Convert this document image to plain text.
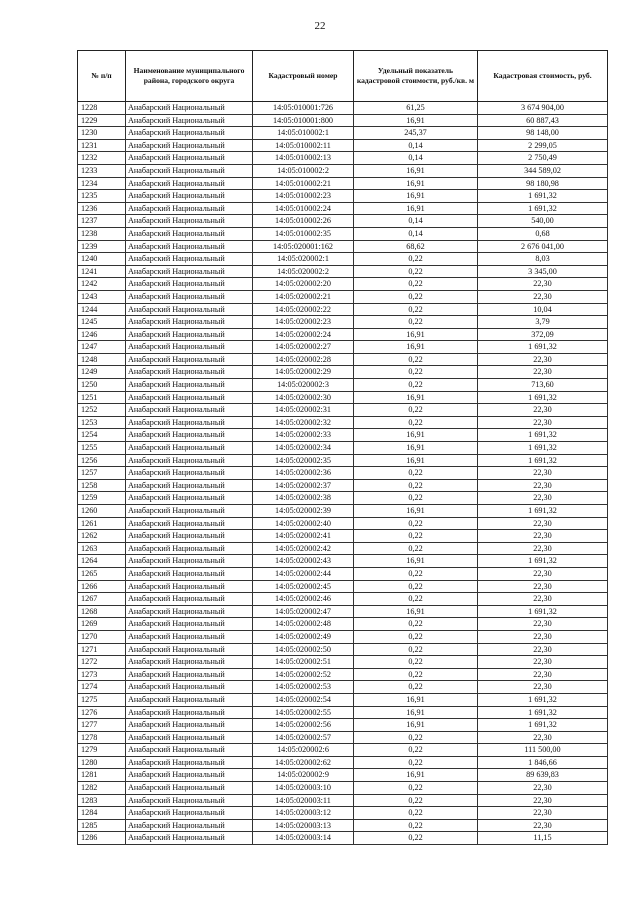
22
№ п/п	Наименование муниципального района, городского округа	Кадастровый номер	Удельный показатель кадастровой стоимости, руб./кв. м	Кадастровая стоимость, руб.
1228	Анабарский Национальный	14:05:010001:726	61,25	3 674 904,00
1229	Анабарский Национальный	14:05:010001:800	16,91	60 887,43
1230	Анабарский Национальный	14:05:010002:1	245,37	98 148,00
1231	Анабарский Национальный	14:05:010002:11	0,14	2 299,05
1232	Анабарский Национальный	14:05:010002:13	0,14	2 750,49
1233	Анабарский Национальный	14:05:010002:2	16,91	344 589,02
1234	Анабарский Национальный	14:05:010002:21	16,91	98 180,98
1235	Анабарский Национальный	14:05:010002:23	16,91	1 691,32
1236	Анабарский Национальный	14:05:010002:24	16,91	1 691,32
1237	Анабарский Национальный	14:05:010002:26	0,14	540,00
1238	Анабарский Национальный	14:05:010002:35	0,14	0,68
1239	Анабарский Национальный	14:05:020001:162	68,62	2 676 041,00
1240	Анабарский Национальный	14:05:020002:1	0,22	8,03
1241	Анабарский Национальный	14:05:020002:2	0,22	3 345,00
1242	Анабарский Национальный	14:05:020002:20	0,22	22,30
1243	Анабарский Национальный	14:05:020002:21	0,22	22,30
1244	Анабарский Национальный	14:05:020002:22	0,22	10,04
1245	Анабарский Национальный	14:05:020002:23	0,22	3,79
1246	Анабарский Национальный	14:05:020002:24	16,91	372,09
1247	Анабарский Национальный	14:05:020002:27	16,91	1 691,32
1248	Анабарский Национальный	14:05:020002:28	0,22	22,30
1249	Анабарский Национальный	14:05:020002:29	0,22	22,30
1250	Анабарский Национальный	14:05:020002:3	0,22	713,60
1251	Анабарский Национальный	14:05:020002:30	16,91	1 691,32
1252	Анабарский Национальный	14:05:020002:31	0,22	22,30
1253	Анабарский Национальный	14:05:020002:32	0,22	22,30
1254	Анабарский Национальный	14:05:020002:33	16,91	1 691,32
1255	Анабарский Национальный	14:05:020002:34	16,91	1 691,32
1256	Анабарский Национальный	14:05:020002:35	16,91	1 691,32
1257	Анабарский Национальный	14:05:020002:36	0,22	22,30
1258	Анабарский Национальный	14:05:020002:37	0,22	22,30
1259	Анабарский Национальный	14:05:020002:38	0,22	22,30
1260	Анабарский Национальный	14:05:020002:39	16,91	1 691,32
1261	Анабарский Национальный	14:05:020002:40	0,22	22,30
1262	Анабарский Национальный	14:05:020002:41	0,22	22,30
1263	Анабарский Национальный	14:05:020002:42	0,22	22,30
1264	Анабарский Национальный	14:05:020002:43	16,91	1 691,32
1265	Анабарский Национальный	14:05:020002:44	0,22	22,30
1266	Анабарский Национальный	14:05:020002:45	0,22	22,30
1267	Анабарский Национальный	14:05:020002:46	0,22	22,30
1268	Анабарский Национальный	14:05:020002:47	16,91	1 691,32
1269	Анабарский Национальный	14:05:020002:48	0,22	22,30
1270	Анабарский Национальный	14:05:020002:49	0,22	22,30
1271	Анабарский Национальный	14:05:020002:50	0,22	22,30
1272	Анабарский Национальный	14:05:020002:51	0,22	22,30
1273	Анабарский Национальный	14:05:020002:52	0,22	22,30
1274	Анабарский Национальный	14:05:020002:53	0,22	22,30
1275	Анабарский Национальный	14:05:020002:54	16,91	1 691,32
1276	Анабарский Национальный	14:05:020002:55	16,91	1 691,32
1277	Анабарский Национальный	14:05:020002:56	16,91	1 691,32
1278	Анабарский Национальный	14:05:020002:57	0,22	22,30
1279	Анабарский Национальный	14:05:020002:6	0,22	111 500,00
1280	Анабарский Национальный	14:05:020002:62	0,22	1 846,66
1281	Анабарский Национальный	14:05:020002:9	16,91	89 639,83
1282	Анабарский Национальный	14:05:020003:10	0,22	22,30
1283	Анабарский Национальный	14:05:020003:11	0,22	22,30
1284	Анабарский Национальный	14:05:020003:12	0,22	22,30
1285	Анабарский Национальный	14:05:020003:13	0,22	22,30
1286	Анабарский Национальный	14:05:020003:14	0,22	11,15
